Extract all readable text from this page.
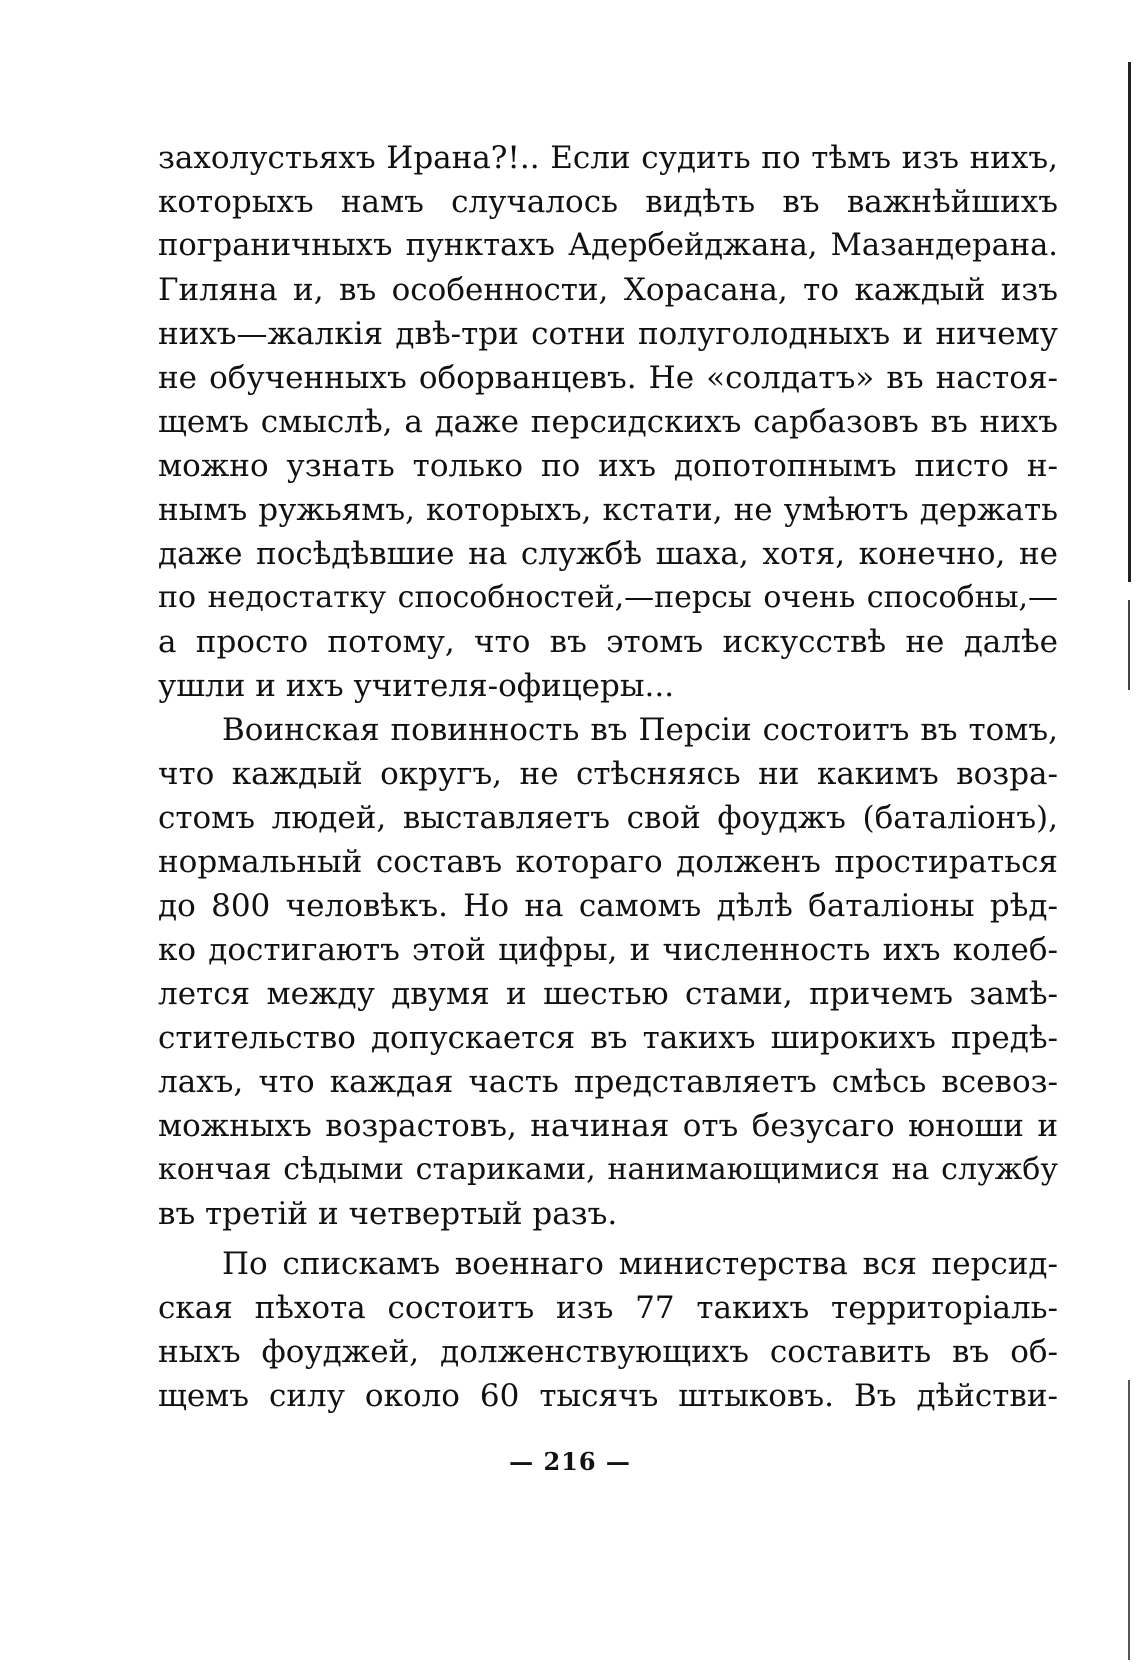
захолустьяхъ Ирана?!.. Если судить по тѣмъ изъ нихъ,
которыхъ намъ случалось видѣть въ важнѣйшихъ
пограничныхъ пунктахъ Адербейджана, Мазандерана.
Гиляна и, въ особенности, Хорасана, то каждый изъ
нихъ—жалкiя двѣ-три сотни полуголодныхъ и ничему
не обученныхъ оборванцевъ. Не «солдатъ» въ настоя-
щемъ смыслѣ, а даже персидскихъ сарбазовъ въ нихъ
можно узнать только по ихъ допотопнымъ писто н-
нымъ ружьямъ, которыхъ, кстати, не умѣютъ держать
даже посѣдѣвшие на службѣ шаха, хотя, конечно, не
по недостатку способностей,—персы очень способны,—
а просто потому, что въ этомъ искусствѣ не далѣе
ушли и ихъ учителя-офицеры...
Воинская повинность въ Персiи состоитъ въ томъ,
что каждый округъ, не стѣсняясь ни какимъ возра-
стомъ людей, выставляетъ свой фоуджъ (баталiонъ),
нормальный составъ котораго долженъ простираться
до 800 человѣкъ. Но на самомъ дѣлѣ баталiоны рѣд-
ко достигаютъ этой цифры, и численность ихъ колеб-
лется между двумя и шестью стами, причемъ замѣ-
стительство допускается въ такихъ широкихъ предѣ-
лахъ, что каждая часть представляетъ смѣсь всевоз-
можныхъ возрастовъ, начиная отъ безусаго юноши и
кончая сѣдыми стариками, нанимающимися на службу
въ третiй и четвертый разъ.
По спискамъ военнаго министерства вся персид-
ская пѣхота состоитъ изъ 77 такихъ территорiаль-
ныхъ фоуджей, долженствующихъ составить въ об-
щемъ силу около 60 тысячъ штыковъ. Въ дѣйстви-
— 216 —
